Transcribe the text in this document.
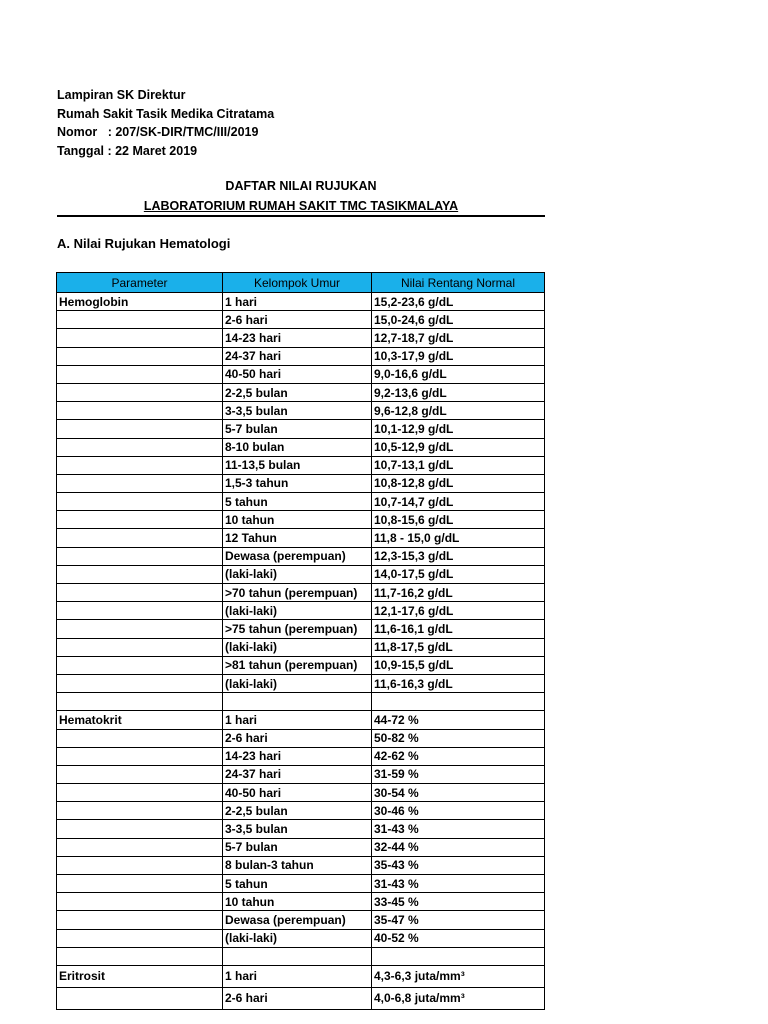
Lampiran SK Direktur
Rumah Sakit Tasik Medika Citratama
Nomor   : 207/SK-DIR/TMC/III/2019
Tanggal : 22 Maret 2019
DAFTAR NILAI RUJUKAN
LABORATORIUM RUMAH SAKIT TMC TASIKMALAYA
A. Nilai Rujukan Hematologi
Parameter	Kelompok Umur	Nilai Rentang Normal
Hemoglobin	1 hari	15,2-23,6 g/dL
	2-6 hari	15,0-24,6 g/dL
	14-23 hari	12,7-18,7 g/dL
	24-37 hari	10,3-17,9 g/dL
	40-50 hari	9,0-16,6 g/dL
	2-2,5 bulan	9,2-13,6 g/dL
	3-3,5 bulan	9,6-12,8 g/dL
	5-7 bulan	10,1-12,9 g/dL
	8-10 bulan	10,5-12,9 g/dL
	11-13,5 bulan	10,7-13,1 g/dL
	1,5-3 tahun	10,8-12,8 g/dL
	5 tahun	10,7-14,7 g/dL
	10 tahun	10,8-15,6 g/dL
	12 Tahun	11,8 - 15,0 g/dL
	Dewasa (perempuan)	12,3-15,3 g/dL
	(laki-laki)	14,0-17,5 g/dL
	>70 tahun (perempuan)	11,7-16,2 g/dL
	(laki-laki)	12,1-17,6 g/dL
	>75 tahun (perempuan)	11,6-16,1 g/dL
	(laki-laki)	11,8-17,5 g/dL
	>81 tahun (perempuan)	10,9-15,5 g/dL
	(laki-laki)	11,6-16,3 g/dL

Hematokrit	1 hari	44-72 %
	2-6 hari	50-82 %
	14-23 hari	42-62 %
	24-37 hari	31-59 %
	40-50 hari	30-54 %
	2-2,5 bulan	30-46 %
	3-3,5 bulan	31-43 %
	5-7 bulan	32-44 %
	8 bulan-3 tahun	35-43 %
	5 tahun	31-43 %
	10 tahun	33-45 %
	Dewasa (perempuan)	35-47 %
	(laki-laki)	40-52 %

Eritrosit	1 hari	4,3-6,3 juta/mm³
	2-6 hari	4,0-6,8 juta/mm³
